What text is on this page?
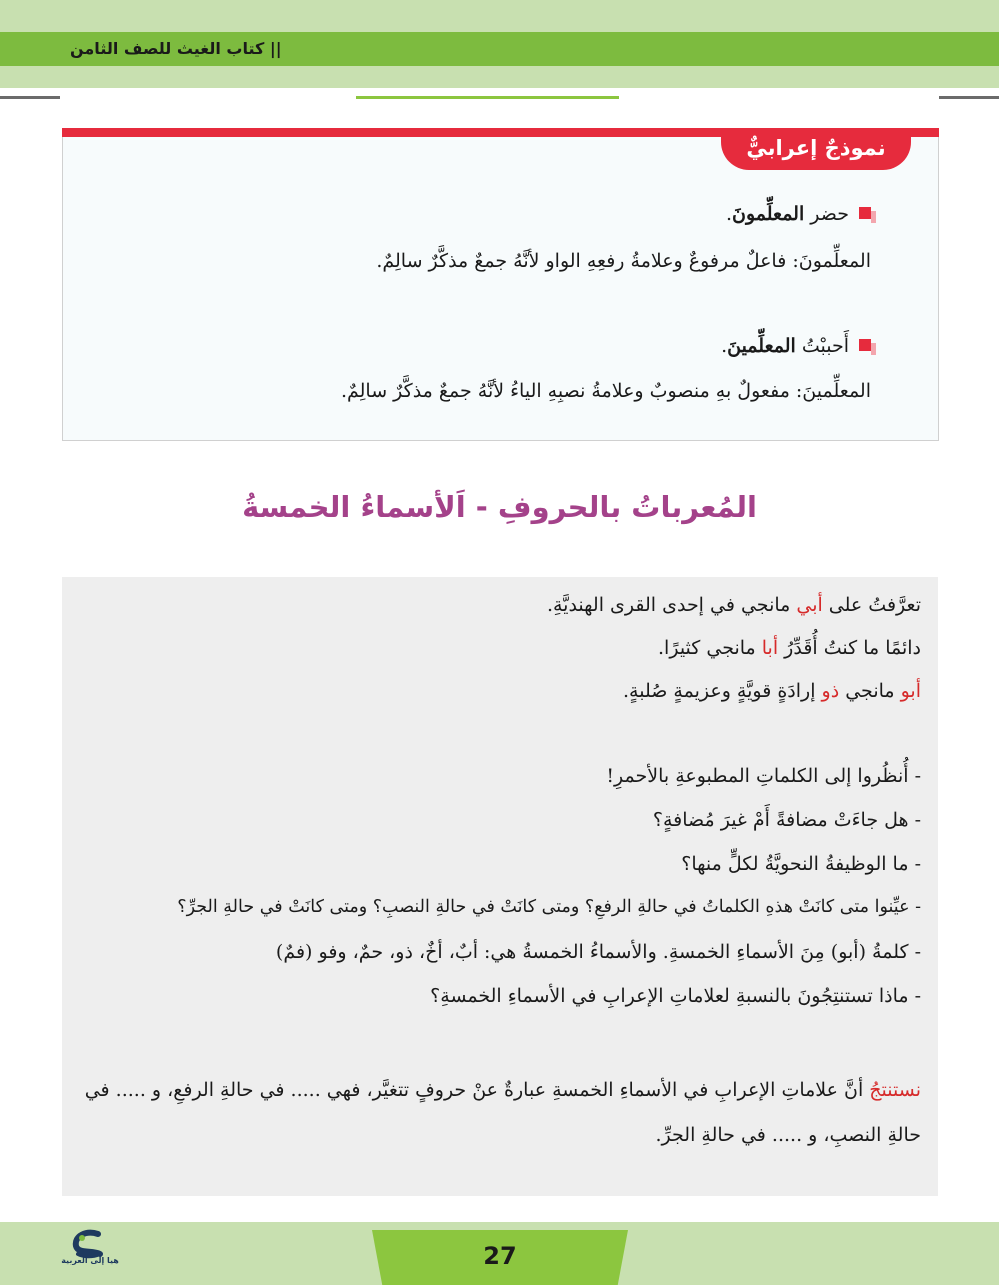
|| كتاب الغيث للصف الثامن
نموذجٌ إعرابيٌّ
حضر المعلِّمونَ.
المعلِّمونَ: فاعلٌ مرفوعٌ وعلامةُ رفعِهِ الواو لأنَّهُ جمعٌ مذكَّرٌ سالِمٌ.
أَحببْتُ المعلِّمينَ.
المعلِّمينَ: مفعولٌ بهِ منصوبٌ وعلامةُ نصبِهِ الياءُ لأنَّهُ جمعٌ مذكَّرٌ سالِمٌ.
المُعرباتُ بالحروفِ - اَلأسماءُ الخمسةُ
تعرَّفتُ على أبي مانجي في إحدى القرى الهنديَّةِ.
دائمًا ما كنتُ أُقَدِّرُ أبا مانجي كثيرًا.
أبو مانجي ذو إرادَةٍ قويَّةٍ وعزيمةٍ صُلبةٍ.
- أُنظُروا إلى الكلماتِ المطبوعةِ بالأحمرِ!
- هل جاءَتْ مضافةً أَمْ غيرَ مُضافةٍ؟
- ما الوظيفةُ النحويَّةُ لكلٍّ منها؟
- عيِّنوا متى كانَتْ هذهِ الكلماتُ في حالةِ الرفعِ؟ ومتى كانَتْ في حالةِ النصبِ؟ ومتى كانَتْ في حالةِ الجرِّ؟
- كلمةُ (أبو) مِنَ الأسماءِ الخمسةِ. والأسماءُ الخمسةُ هي: أبٌ، أخٌ، ذو، حمٌ، وفو (فمٌ)
- ماذا تستنتِجُونَ بالنسبةِ لعلاماتِ الإعرابِ في الأسماءِ الخمسةِ؟
نستنتجُ أنَّ علاماتِ الإعرابِ في الأسماءِ الخمسةِ عبارةٌ عنْ حروفٍ تتغيَّر، فهي ..... في حالةِ الرفعِ، و ..... في حالةِ النصبِ، و ..... في حالةِ الجرِّ.
27
هيا إلى العربية
